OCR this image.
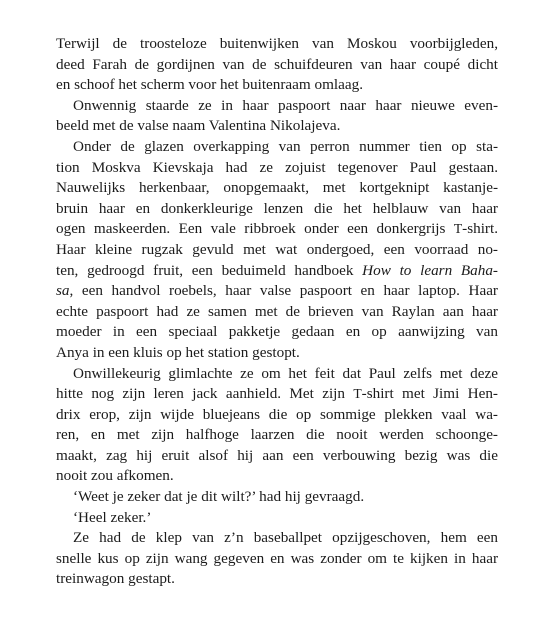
Terwijl de troosteloze buitenwijken van Moskou voorbijgleden,
deed Farah de gordijnen van de schuifdeuren van haar coupé dicht
en schoof het scherm voor het buitenraam omlaag.

Onwennig staarde ze in haar paspoort naar haar nieuwe even-
beeld met de valse naam Valentina Nikolajeva.

Onder de glazen overkapping van perron nummer tien op sta-
tion Moskva Kievskaja had ze zojuist tegenover Paul gestaan.
Nauwelijks herkenbaar, onopgemaakt, met kortgeknipt kastanje-
bruin haar en donkerkleurige lenzen die het helblauw van haar
ogen maskeerden. Een vale ribbroek onder een donkergrijs T-shirt.
Haar kleine rugzak gevuld met wat ondergoed, een voorraad no-
ten, gedroogd fruit, een beduimeld handboek How to learn Baha-
sa, een handvol roebels, haar valse paspoort en haar laptop. Haar
echte paspoort had ze samen met de brieven van Raylan aan haar
moeder in een speciaal pakketje gedaan en op aanwijzing van
Anya in een kluis op het station gestopt.

Onwillekeurig glimlachte ze om het feit dat Paul zelfs met deze
hitte nog zijn leren jack aanhield. Met zijn T-shirt met Jimi Hen-
drix erop, zijn wijde bluejeans die op sommige plekken vaal wa-
ren, en met zijn halfhoge laarzen die nooit werden schoonge-
maakt, zag hij eruit alsof hij aan een verbouwing bezig was die
nooit zou afkomen.

‘Weet je zeker dat je dit wilt?’ had hij gevraagd.

‘Heel zeker.’

Ze had de klep van z’n baseballpet opzijgeschoven, hem een
snelle kus op zijn wang gegeven en was zonder om te kijken in haar
treinwagon gestapt.
